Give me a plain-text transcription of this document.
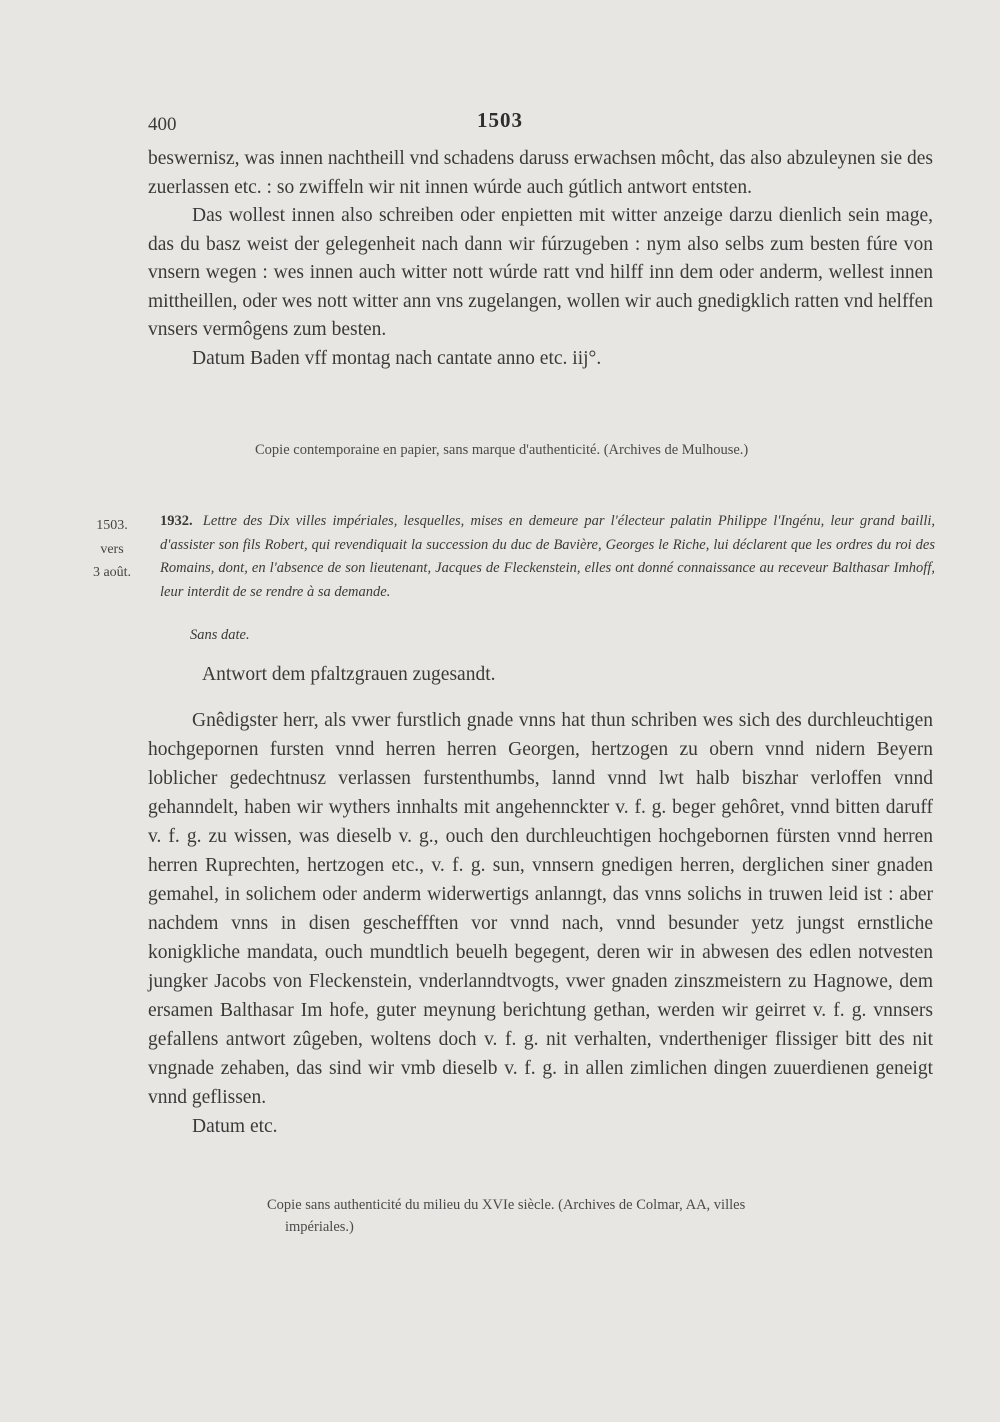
400	1503

beswernisz, was innen nachtheill vnd schadens daruss erwachsen môcht, das also abzuleynen sie des zuerlassen etc. : so zwiffeln wir nit innen wúrde auch gútlich antwort entsten.

Das wollest innen also schreiben oder enpietten mit witter anzeige darzu dienlich sein mage, das du basz weist der gelegenheit nach dann wir fúrzugeben : nym also selbs zum besten fúre von vnsern wegen : wes innen auch witter nott wúrde ratt vnd hilff inn dem oder anderm, wellest innen mittheillen, oder wes nott witter ann vns zugelangen, wollen wir auch gnedigklich ratten vnd helffen vnsers vermôgens zum besten.

Datum Baden vff montag nach cantate anno etc. iij°.

Copie contemporaine en papier, sans marque d'authenticité. (Archives de Mulhouse.)
1503.
vers
3 août.
1932. Lettre des Dix villes impériales, lesquelles, mises en demeure par l'électeur palatin Philippe l'Ingénu, leur grand bailli, d'assister son fils Robert, qui revendiquait la succession du duc de Bavière, Georges le Riche, lui déclarent que les ordres du roi des Romains, dont, en l'absence de son lieutenant, Jacques de Fleckenstein, elles ont donné connaissance au receveur Balthasar Imhoff, leur interdit de se rendre à sa demande.
Sans date.
Antwort dem pfaltzgrauen zugesandt.

Gnêdigster herr, als vwer furstlich gnade vnns hat thun schriben wes sich des durchleuchtigen hochgepornen fursten vnnd herren herren Georgen, hertzogen zu obern vnnd nidern Beyern loblicher gedechtnusz verlassen furstenthumbs, lannd vnnd lwt halb biszhar verloffen vnnd gehanndelt, haben wir wythers innhalts mit angehennckter v. f. g. beger gehôret, vnnd bitten daruff v. f. g. zu wissen, was dieselb v. g., ouch den durchleuchtigen hochgebornen fürsten vnnd herren herren Ruprechten, hertzogen etc., v. f. g. sun, vnnsern gnedigen herren, derglichen siner gnaden gemahel, in solichem oder anderm widerwertigs anlanngt, das vnns solichs in truwen leid ist : aber nachdem vnns in disen gescheffften vor vnnd nach, vnnd besunder yetz jungst ernstliche konigkliche mandata, ouch mundtlich beuelh begegent, deren wir in abwesen des edlen notvesten jungker Jacobs von Fleckenstein, vnderlanndtvogts, vwer gnaden zinszmeistern zu Hagnowe, dem ersamen Balthasar Im hofe, guter meynung berichtung gethan, werden wir geirret v. f. g. vnnsers gefallens antwort zûgeben, woltens doch v. f. g. nit verhalten, vndertheniger flissiger bitt des nit vngnade zehaben, das sind wir vmb dieselb v. f. g. in allen zimlichen dingen zuuerdienen geneigt vnnd geflissen.

Datum etc.

Copie sans authenticité du milieu du XVIe siècle. (Archives de Colmar, AA, villes
impériales.)
